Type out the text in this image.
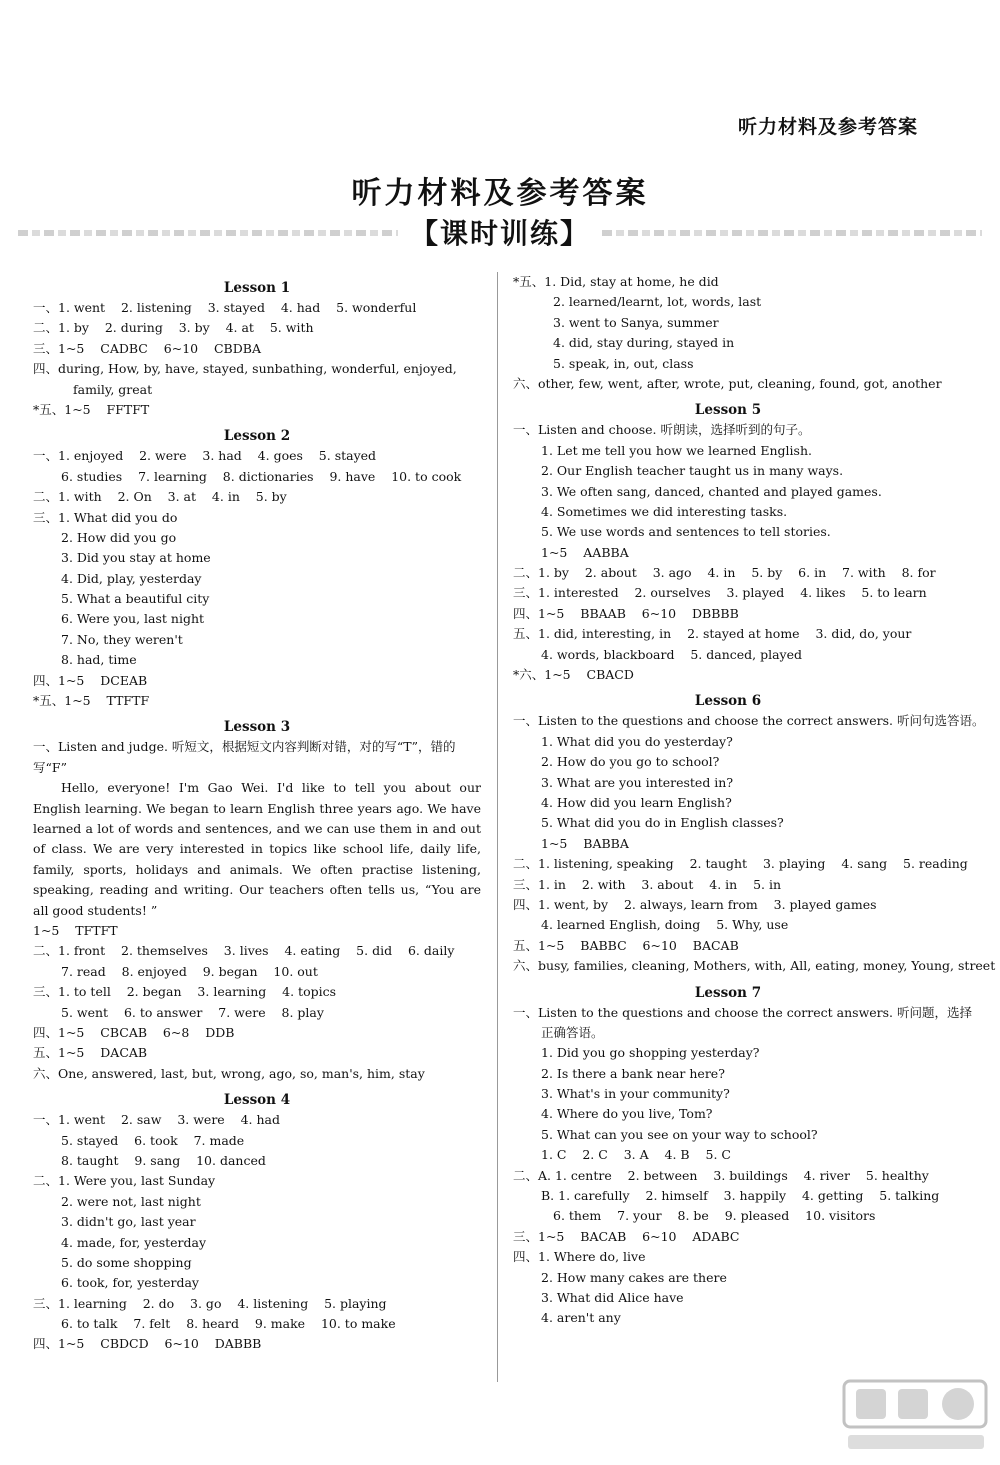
听力材料及参考答案
听力材料及参考答案
【课时训练】
Lesson 1
一、1. went    2. listening    3. stayed    4. had    5. wonderful
二、1. by    2. during    3. by    4. at    5. with
三、1~5    CADBC    6~10    CBDBA
四、during, How, by, have, stayed, sunbathing, wonderful, enjoyed,
family, great
*五、1~5    FFTFT
Lesson 2
一、1. enjoyed    2. were    3. had    4. goes    5. stayed
6. studies    7. learning    8. dictionaries    9. have    10. to cook
二、1. with    2. On    3. at    4. in    5. by
三、1. What did you do
2. How did you go
3. Did you stay at home
4. Did, play, yesterday
5. What a beautiful city
6. Were you, last night
7. No, they weren't
8. had, time
四、1~5    DCEAB
*五、1~5    TTFTF
Lesson 3
一、Listen and judge. 听短文，根据短文内容判断对错，对的写“T”，错的
写“F”
Hello, everyone! I'm Gao Wei. I'd like to tell you about our English learning. We began to learn English three years ago. We have learned a lot of words and sentences, and we can use them in and out of class. We are very interested in topics like school life, daily life, family, sports, holidays and animals. We often practise listening, speaking, reading and writing. Our teachers often tells us, “You are all good students! ”
1~5    TFTFT
二、1. front    2. themselves    3. lives    4. eating    5. did    6. daily
7. read    8. enjoyed    9. began    10. out
三、1. to tell    2. began    3. learning    4. topics
5. went    6. to answer    7. were    8. play
四、1~5    CBCAB    6~8    DDB
五、1~5    DACAB
六、One, answered, last, but, wrong, ago, so, man's, him, stay
Lesson 4
一、1. went    2. saw    3. were    4. had
5. stayed    6. took    7. made
8. taught    9. sang    10. danced
二、1. Were you, last Sunday
2. were not, last night
3. didn't go, last year
4. made, for, yesterday
5. do some shopping
6. took, for, yesterday
三、1. learning    2. do    3. go    4. listening    5. playing
6. to talk    7. felt    8. heard    9. make    10. to make
四、1~5    CBDCD    6~10    DABBB
*五、1. Did, stay at home, he did
2. learned/learnt, lot, words, last
3. went to Sanya, summer
4. did, stay during, stayed in
5. speak, in, out, class
六、other, few, went, after, wrote, put, cleaning, found, got, another
Lesson 5
一、Listen and choose. 听朗读，选择听到的句子。
1. Let me tell you how we learned English.
2. Our English teacher taught us in many ways.
3. We often sang, danced, chanted and played games.
4. Sometimes we did interesting tasks.
5. We use words and sentences to tell stories.
1~5    AABBA
二、1. by    2. about    3. ago    4. in    5. by    6. in    7. with    8. for
三、1. interested    2. ourselves    3. played    4. likes    5. to learn
四、1~5    BBAAB    6~10    DBBBB
五、1. did, interesting, in    2. stayed at home    3. did, do, your
4. words, blackboard    5. danced, played
*六、1~5    CBACD
Lesson 6
一、Listen to the questions and choose the correct answers. 听问句选答语。
1. What did you do yesterday?
2. How do you go to school?
3. What are you interested in?
4. How did you learn English?
5. What did you do in English classes?
1~5    BABBA
二、1. listening, speaking    2. taught    3. playing    4. sang    5. reading
三、1. in    2. with    3. about    4. in    5. in
四、1. went, by    2. always, learn from    3. played games
4. learned English, doing    5. Why, use
五、1~5    BABBC    6~10    BACAB
六、busy, families, cleaning, Mothers, with, All, eating, money, Young, street
Lesson 7
一、Listen to the questions and choose the correct answers. 听问题，选择
正确答语。
1. Did you go shopping yesterday?
2. Is there a bank near here?
3. What's in your community?
4. Where do you live, Tom?
5. What can you see on your way to school?
1. C    2. C    3. A    4. B    5. C
二、A. 1. centre    2. between    3. buildings    4. river    5. healthy
B. 1. carefully    2. himself    3. happily    4. getting    5. talking
6. them    7. your    8. be    9. pleased    10. visitors
三、1~5    BACAB    6~10    ADABC
四、1. Where do, live
2. How many cakes are there
3. What did Alice have
4. aren't any
